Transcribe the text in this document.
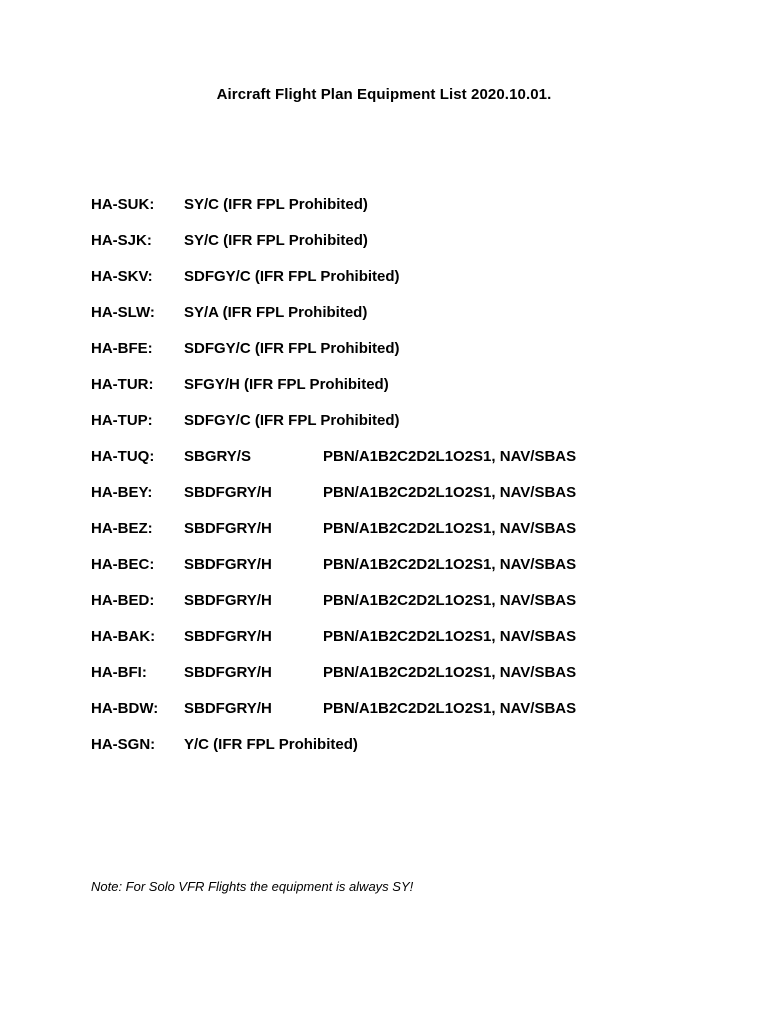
Aircraft Flight Plan Equipment List 2020.10.01.
HA-SUK: SY/C (IFR FPL Prohibited)
HA-SJK: SY/C (IFR FPL Prohibited)
HA-SKV: SDFGY/C (IFR FPL Prohibited)
HA-SLW: SY/A (IFR FPL Prohibited)
HA-BFE: SDFGY/C (IFR FPL Prohibited)
HA-TUR: SFGY/H (IFR FPL Prohibited)
HA-TUP: SDFGY/C (IFR FPL Prohibited)
HA-TUQ: SBGRY/S	PBN/A1B2C2D2L1O2S1, NAV/SBAS
HA-BEY: SBDFGRY/H	PBN/A1B2C2D2L1O2S1, NAV/SBAS
HA-BEZ: SBDFGRY/H	PBN/A1B2C2D2L1O2S1, NAV/SBAS
HA-BEC: SBDFGRY/H	PBN/A1B2C2D2L1O2S1, NAV/SBAS
HA-BED: SBDFGRY/H	PBN/A1B2C2D2L1O2S1, NAV/SBAS
HA-BAK: SBDFGRY/H	PBN/A1B2C2D2L1O2S1, NAV/SBAS
HA-BFI: SBDFGRY/H	PBN/A1B2C2D2L1O2S1, NAV/SBAS
HA-BDW: SBDFGRY/H	PBN/A1B2C2D2L1O2S1, NAV/SBAS
HA-SGN: Y/C (IFR FPL Prohibited)
Note: For Solo VFR Flights the equipment is always SY!
